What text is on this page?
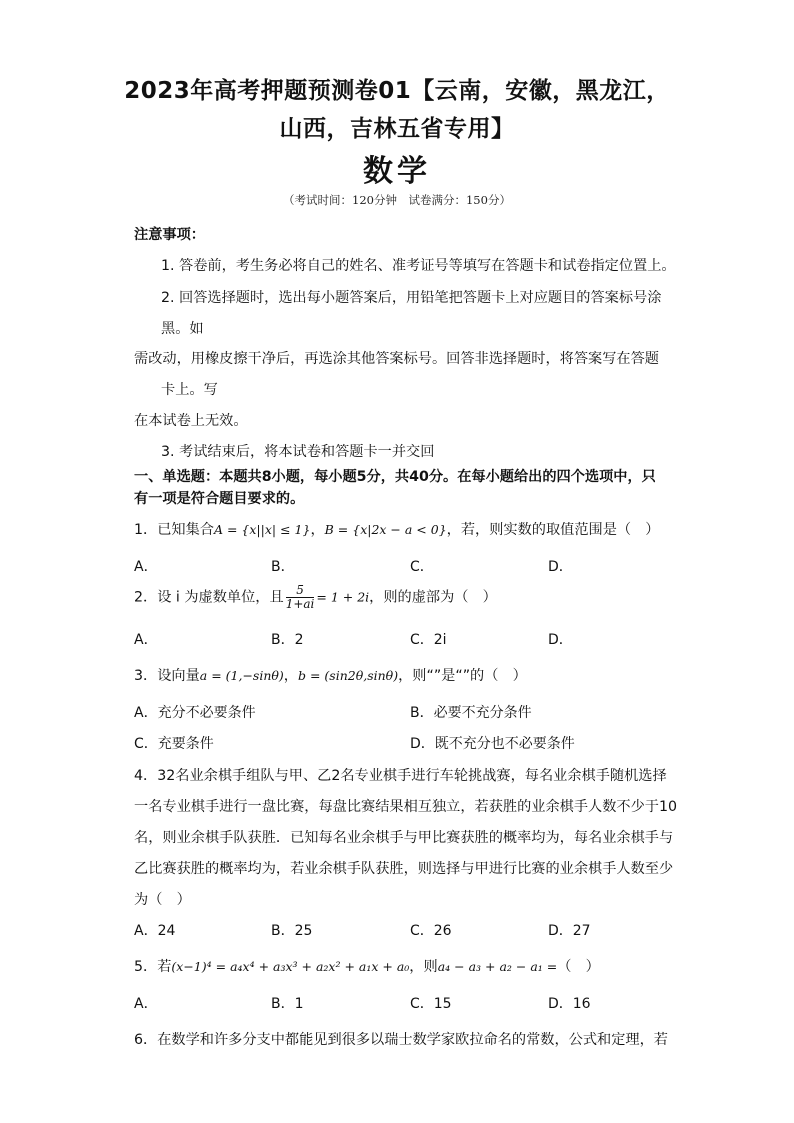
2023年高考押题预测卷01【云南，安徽，黑龙江，
山西，吉林五省专用】
数学
（考试时间：120分钟　试卷满分：150分）
注意事项：
1. 答卷前，考生务必将自己的姓名、准考证号等填写在答题卡和试卷指定位置上。
2. 回答选择题时，选出每小题答案后，用铅笔把答题卡上对应题目的答案标号涂
黑。如
需改动，用橡皮擦干净后，再选涂其他答案标号。回答非选择题时，将答案写在答题
卡上。写
在本试卷上无效。
3. 考试结束后，将本试卷和答题卡一并交回
一、单选题：本题共8小题，每小题5分，共40分。在每小题给出的四个选项中，只
有一项是符合题目要求的。
1．已知集合A = {x||x| ≤ 1}，B = {x|2x − a < 0}，若，则实数的取值范围是（　）
A．	B．	C．	D．
2．设 i 为虚数单位，且 $\frac{5}{1+ai} = 1 + 2i$，则的虚部为（　）
A．	B．2	C．2i	D．
3．设向量a = (1,−sinθ)，b = (sin2θ,sinθ)，则“”是“”的（　）
A．充分不必要条件	B．必要不充分条件
C．充要条件	D．既不充分也不必要条件
4．32名业余棋手组队与甲、乙2名专业棋手进行车轮挑战赛，每名业余棋手随机选择
一名专业棋手进行一盘比赛，每盘比赛结果相互独立，若获胜的业余棋手人数不少于10
名，则业余棋手队获胜．已知每名业余棋手与甲比赛获胜的概率均为，每名业余棋手与
乙比赛获胜的概率均为，若业余棋手队获胜，则选择与甲进行比赛的业余棋手人数至少
为（　）
A．24	B．25	C．26	D．27
5．若(x−1)⁴ = a₄x⁴ + a₃x³ + a₂x² + a₁x + a₀，则a₄ − a₃ + a₂ − a₁ =（　）
A．	B．1	C．15	D．16
6．在数学和许多分支中都能见到很多以瑞士数学家欧拉命名的常数，公式和定理，若
